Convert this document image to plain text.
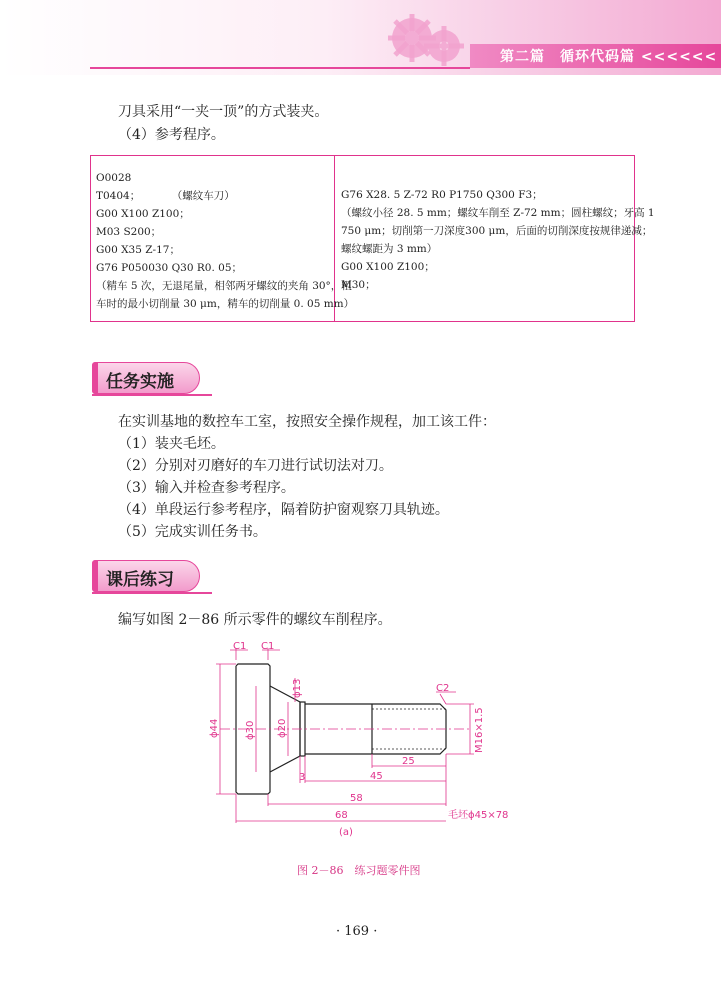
第二篇　循环代码篇 <<<<<<
刀具采用“一夹一顶”的方式装夹。
（4）参考程序。
O0028
T0404；　　　　（螺纹车刀）
G00 X100 Z100；
M03 S200；
G00 X35 Z-17；
G76 P050030 Q30 R0. 05；
（精车 5 次，无退尾量，相邻两牙螺纹的夹角 30°，粗
车时的最小切削量 30 μm，精车的切削量 0. 05 mm）
G76 X28. 5 Z-72 R0 P1750 Q300 F3；
（螺纹小径 28. 5 mm；螺纹车削至 Z-72 mm；圆柱螺纹；牙高 1
750 μm；切削第一刀深度300 μm，后面的切削深度按规律递减；
螺纹螺距为 3 mm）
G00 X100 Z100；
M30；
任务实施
在实训基地的数控车工室，按照安全操作规程，加工该工件：
（1）装夹毛坯。
（2）分别对刃磨好的车刀进行试切法对刀。
（3）输入并检查参考程序。
（4）单段运行参考程序，隔着防护窗观察刀具轨迹。
（5）完成实训任务书。
课后练习
编写如图 2－86 所示零件的螺纹车削程序。
C1 C1
C2
ϕ13
ϕ44	ϕ30 ϕ20	M16×1.5
3
25
45
58
68	毛坯ϕ45×78
(a)
图 2－86　练习题零件图
· 169 ·
